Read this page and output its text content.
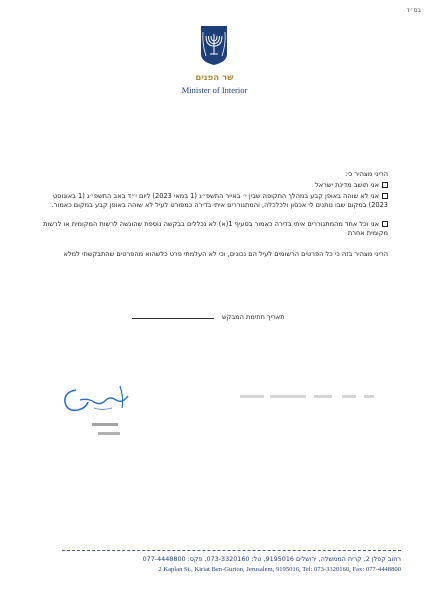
בס״ד
שר הפנים
Minister of Interior
הריני מצהיר כי:
אני תושב מדינת ישראל
אני לא שוהה באופן קבע במהלך התקופה שבין י׳ באייר התשפ״ג (1 במאי 2023) ליום י״ד באב התשפ״ג (1 באוגוסט 2023) במקום שבו נותנים לי אכסון ולכלכלה, והמתגוררים איתי בדירה כמפורט לעיל לא שוהה באופן קבע במקום כאמור.
אני וכל אחד מהמתגוררים איתי בדירה כאמור בסעיף 1(א) לא נכללים בבקשה נוספת שהוגשה לרשות המקומית או לרשות מקומית אחרת
הריני מצהיר בזה כי כל הפרטים הרשומים לעיל הם נכונים, וכי לא העלמתי פרט כלשהוא מהפרטים שהתבקשתי למלא
תאריך חתימת המבקש
רחוב קפלן 2, קרית הממשלה, ירושלים 9195016, טל: 073-3320160, פקס: 077-4448800
2 Kaplan St., Kiriat Ben-Gurion, Jerusalem, 9195016, Tel: 073-3320160, Fax: 077-4448800
